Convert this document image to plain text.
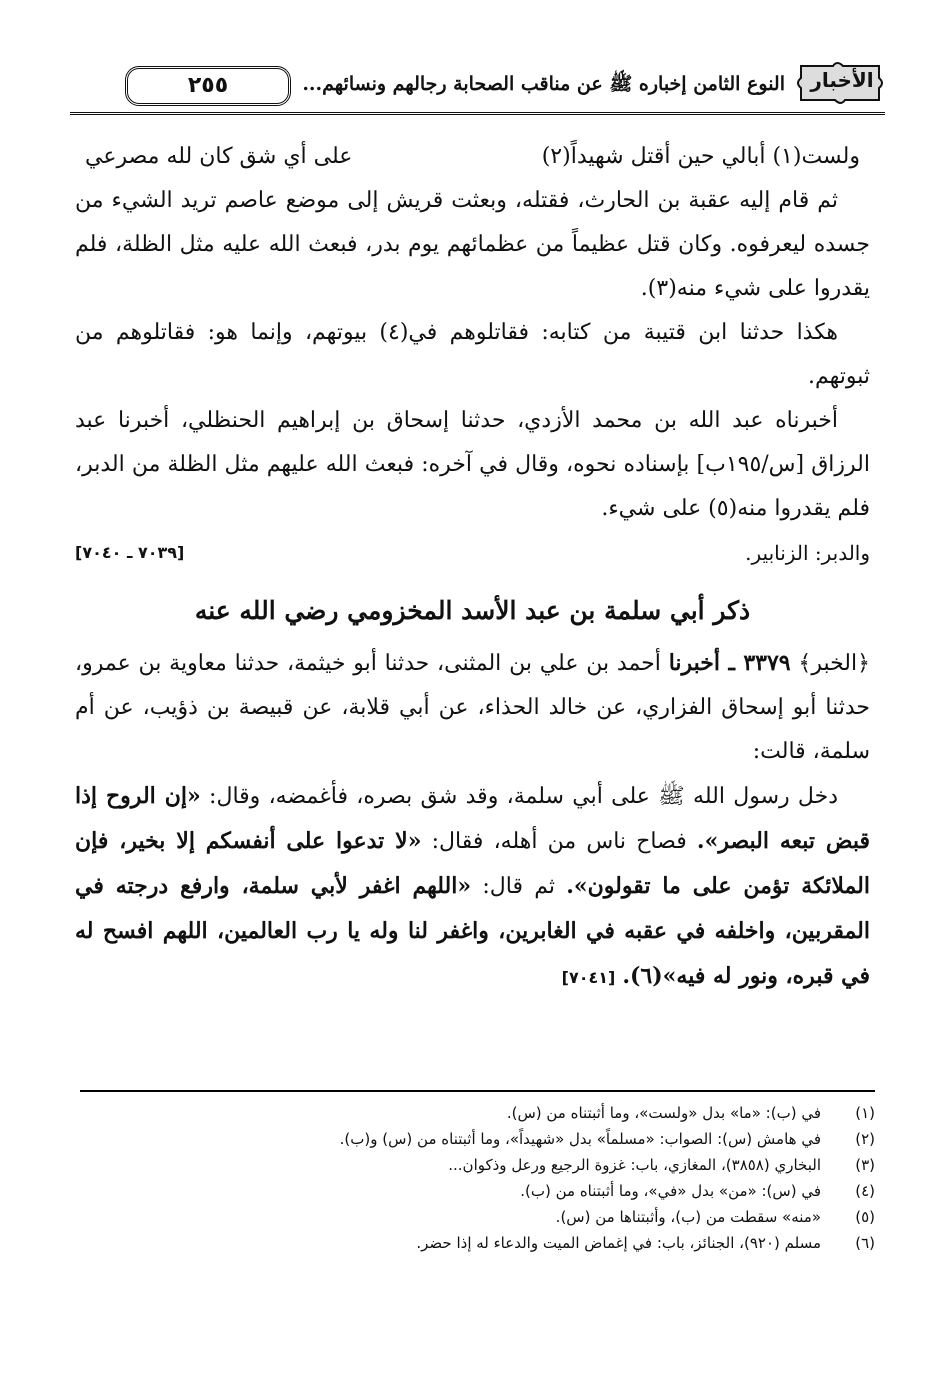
الأخبار
النوع الثامن إخباره ﷺ عن مناقب الصحابة رجالهم ونسائهم...
٢٥٥
ولست(١) أبالي حين أقتل شهيداً(٢)
على أي شق كان لله مصرعي

ثم قام إليه عقبة بن الحارث، فقتله، وبعثت قريش إلى موضع عاصم تريد الشيء من جسده ليعرفوه. وكان قتل عظيماً من عظمائهم يوم بدر، فبعث الله عليه مثل الظلة، فلم يقدروا على شيء منه(٣).

هكذا حدثنا ابن قتيبة من كتابه: فقاتلوهم في(٤) بيوتهم، وإنما هو: فقاتلوهم من ثبوتهم.

أخبرناه عبد الله بن محمد الأزدي، حدثنا إسحاق بن إبراهيم الحنظلي، أخبرنا عبد الرزاق [س/١٩٥ب] بإسناده نحوه، وقال في آخره: فبعث الله عليهم مثل الظلة من الدبر، فلم يقدروا منه(٥) على شيء.

والدبر: الزنابير.
[٧٠٣٩ ـ ٧٠٤٠]
ذكر أبي سلمة بن عبد الأسد المخزومي رضي الله عنه

﴿الخبر﴾ ٣٣٧٩ ـ أخبرنا أحمد بن علي بن المثنى، حدثنا أبو خيثمة، حدثنا معاوية بن عمرو، حدثنا أبو إسحاق الفزاري، عن خالد الحذاء، عن أبي قلابة، عن قبيصة بن ذؤيب، عن أم سلمة، قالت:

دخل رسول الله ﷺ على أبي سلمة، وقد شق بصره، فأغمضه، وقال: «إن الروح إذا قبض تبعه البصر». فصاح ناس من أهله، فقال: «لا تدعوا على أنفسكم إلا بخير، فإن الملائكة تؤمن على ما تقولون». ثم قال: «اللهم اغفر لأبي سلمة، وارفع درجته في المقربين، واخلفه في عقبه في الغابرين، واغفر لنا وله يا رب العالمين، اللهم افسح له في قبره، ونور له فيه»(٦). [٧٠٤١]

(١)
في (ب): «ما» بدل «ولست»، وما أثبتناه من (س).
(٢)
في هامش (س): الصواب: «مسلماً» بدل «شهيداً»، وما أثبتناه من (س) و(ب).
(٣)
البخاري (٣٨٥٨)، المغازي، باب: غزوة الرجيع ورعل وذكوان...
(٤)
في (س): «من» بدل «في»، وما أثبتناه من (ب).
(٥)
«منه» سقطت من (ب)، وأثبتناها من (س).
(٦)
مسلم (٩٢٠)، الجنائز، باب: في إغماض الميت والدعاء له إذا حضر.
